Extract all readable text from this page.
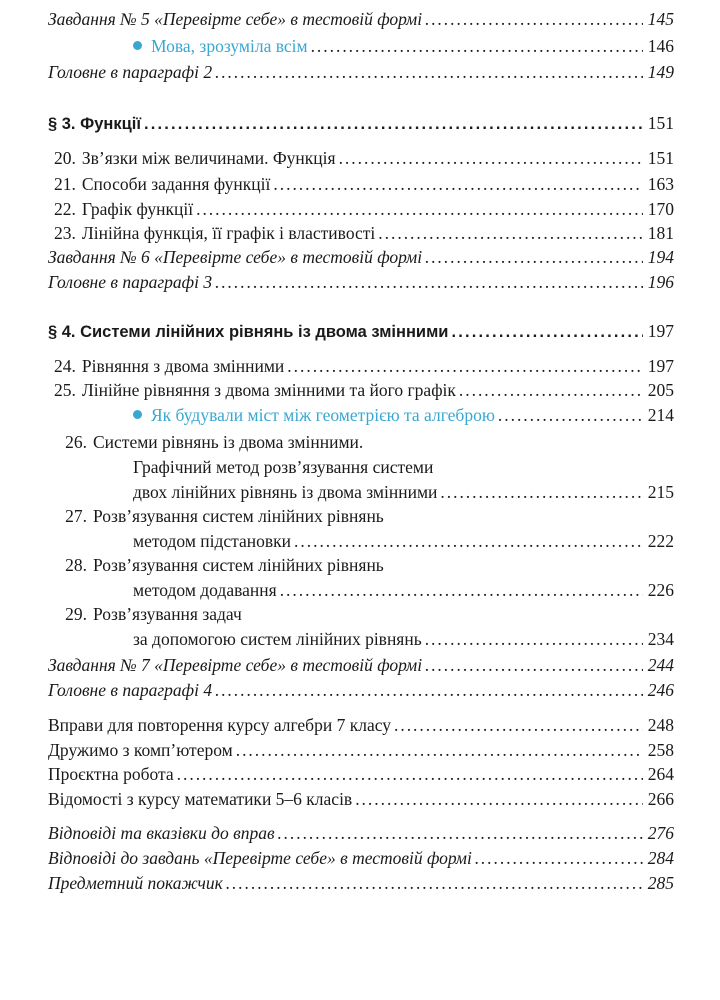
Завдання № 5 «Перевірте себе» в тестовій формі . . .	145
Мова, зрозуміла всім . . .	146
Головне в параграфі 2 . . .	149
§ 3. Функції . . .	151
20. Зв’язки між величинами. Функція . . .	151
21. Способи задання функції . . .	163
22. Графік функції . . .	170
23. Лінійна функція, її графік і властивості . . .	181
Завдання № 6 «Перевірте себе» в тестовій формі . . .	194
Головне в параграфі 3 . . .	196
§ 4. Системи лінійних рівнянь із двома змінними . . .	197
24. Рівняння з двома змінними . . .	197
25. Лінійне рівняння з двома змінними та його графік . . .	205
Як будували міст між геометрією та алгеброю . . .	214
26. Системи рівнянь із двома змінними.
Графічний метод розв’язування системи
двох лінійних рівнянь із двома змінними . . .	215
27. Розв’язування систем лінійних рівнянь
методом підстановки . . .	222
28. Розв’язування систем лінійних рівнянь
методом додавання . . .	226
29. Розв’язування задач
за допомогою систем лінійних рівнянь . . .	234
Завдання № 7 «Перевірте себе» в тестовій формі . . .	244
Головне в параграфі 4 . . .	246
Вправи для повторення курсу алгебри 7 класу . . .	248
Дружимо з комп’ютером . . .	258
Проєктна робота . . .	264
Відомості з курсу математики 5–6 класів . . .	266
Відповіді та вказівки до вправ . . .	276
Відповіді до завдань «Перевірте себе» в тестовій формі . . .	284
Предметний покажчик . . .	285
